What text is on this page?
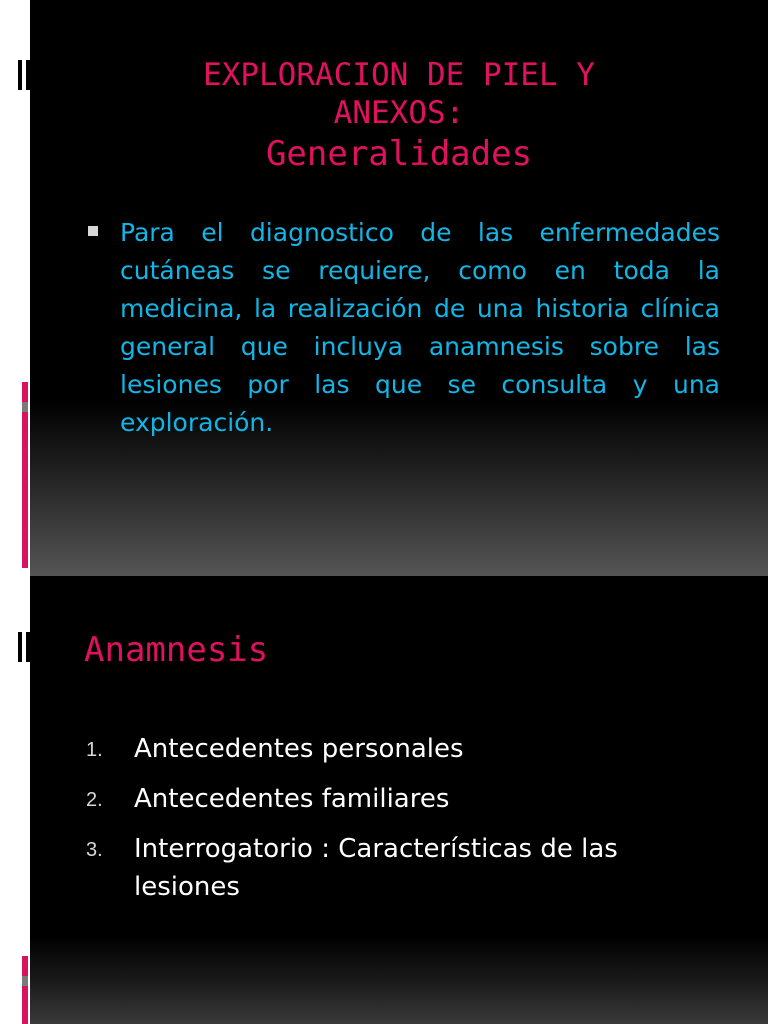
EXPLORACION DE PIEL Y
ANEXOS:
Generalidades
Para el diagnostico de las enfermedades cutáneas se requiere, como en toda la medicina, la realización de una historia clínica general que incluya anamnesis sobre las lesiones por las que se consulta y una exploración.
Anamnesis
1.	Antecedentes personales
2.	Antecedentes familiares
3.	Interrogatorio : Características de las lesiones
